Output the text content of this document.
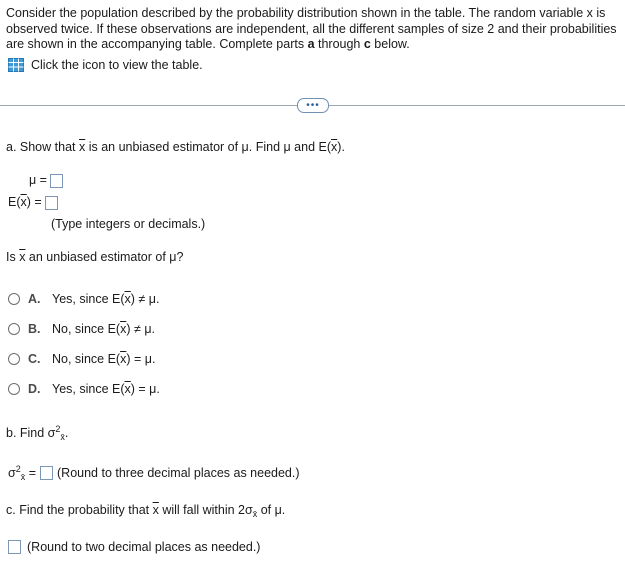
Consider the population described by the probability distribution shown in the table. The random variable x is observed twice. If these observations are independent, all the different samples of size 2 and their probabilities are shown in the accompanying table. Complete parts a through c below.
Click the icon to view the table.
•••
a. Show that $\overline{x}$ is an unbiased estimator of μ. Find μ and $E(\overline{x})$.
μ =
$E(\overline{x})$ =
(Type integers or decimals.)
Is $\overline{x}$ an unbiased estimator of μ?
A. Yes, since $E(\overline{x}) \ne \mu$.
B. No, since $E(\overline{x}) \ne \mu$.
C. No, since $E(\overline{x}) = \mu$.
D. Yes, since $E(\overline{x}) = \mu$.
b. Find $\sigma^2_{x̄}$.
$\sigma^2_{x̄}$ = (Round to three decimal places as needed.)
c. Find the probability that $\overline{x}$ will fall within $2\sigma_{x̄}$ of μ.
(Round to two decimal places as needed.)
